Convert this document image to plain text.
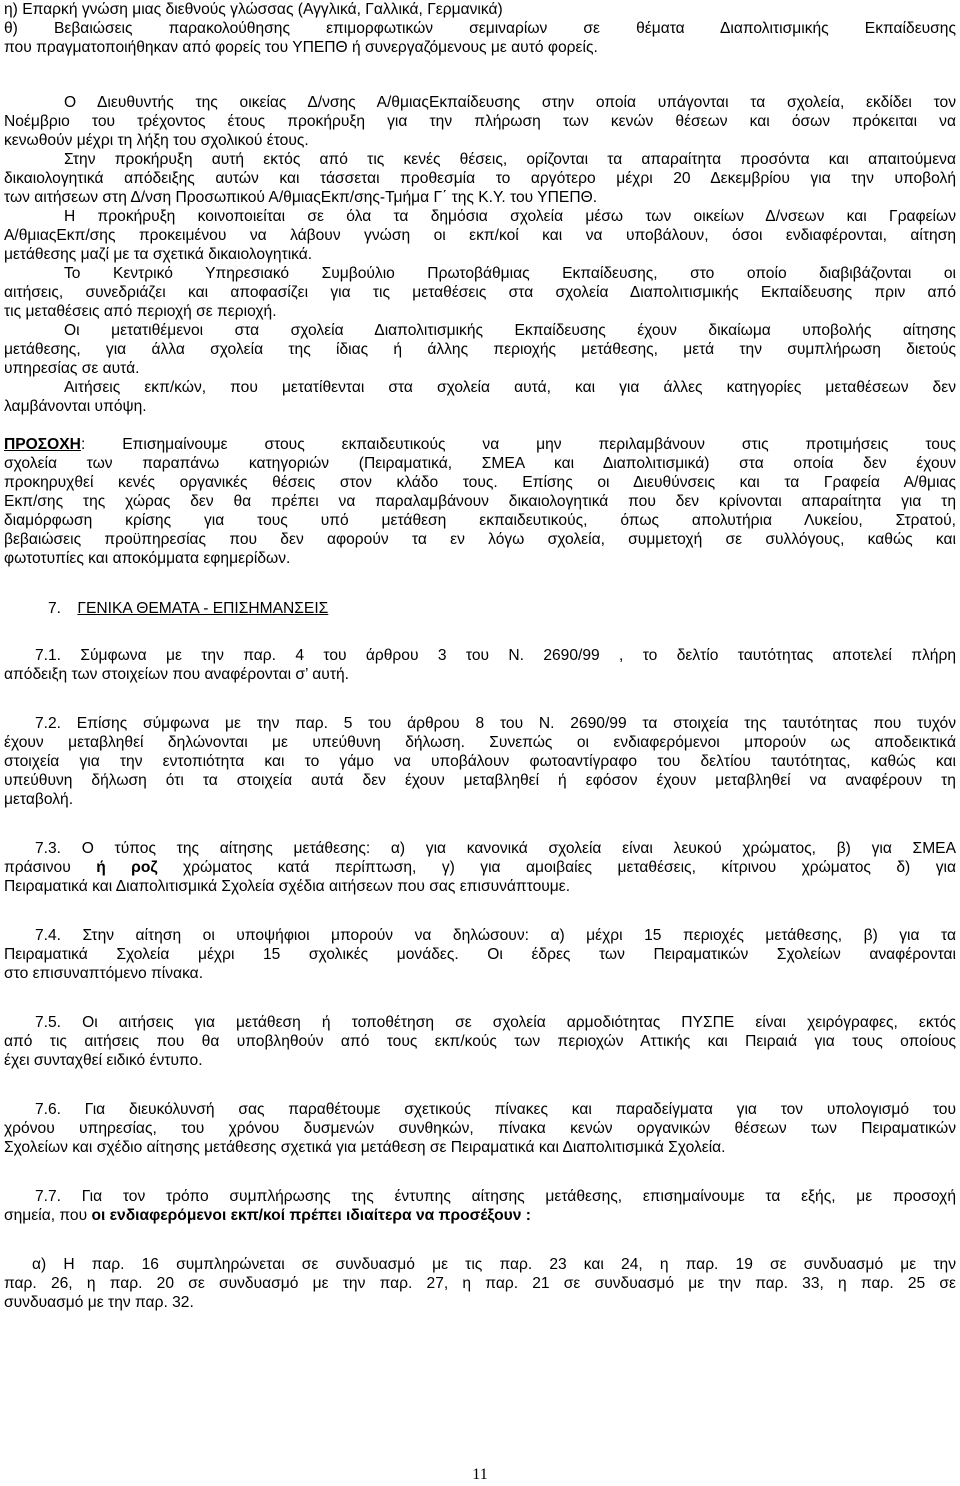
η) Επαρκή γνώση μιας διεθνούς γλώσσας (Αγγλικά, Γαλλικά, Γερμανικά)
θ) Βεβαιώσεις παρακολούθησης επιμορφωτικών σεμιναρίων σε θέματα Διαπολιτισμικής Εκπαίδευσης
που πραγματοποιήθηκαν από φορείς του ΥΠΕΠΘ ή συνεργαζόμενους με αυτό φορείς.
Ο Διευθυντής της οικείας Δ/νσης Α/θμιαςΕκπαίδευσης στην οποία υπάγονται τα σχολεία, εκδίδει τον
Νοέμβριο του τρέχοντος έτους προκήρυξη για την πλήρωση των κενών θέσεων και όσων πρόκειται να
κενωθούν μέχρι τη λήξη του σχολικού έτους.
Στην προκήρυξη αυτή εκτός από τις κενές θέσεις, ορίζονται τα απαραίτητα προσόντα και απαιτούμενα
δικαιολογητικά απόδειξης αυτών και τάσσεται προθεσμία το αργότερο μέχρι 20 Δεκεμβρίου για την υποβολή
των αιτήσεων στη Δ/νση Προσωπικού Α/θμιαςΕκπ/σης-Τμήμα Γ΄ της Κ.Υ. του ΥΠΕΠΘ.
Η προκήρυξη κοινοποιείται σε όλα τα δημόσια σχολεία μέσω των οικείων Δ/νσεων και Γραφείων
Α/θμιαςΕκπ/σης προκειμένου να λάβουν γνώση οι εκπ/κοί και να υποβάλουν, όσοι ενδιαφέρονται, αίτηση
μετάθεσης μαζί με τα σχετικά δικαιολογητικά.
Το Κεντρικό Υπηρεσιακό Συμβούλιο Πρωτοβάθμιας Εκπαίδευσης, στο οποίο διαβιβάζονται οι
αιτήσεις, συνεδριάζει και αποφασίζει για τις μεταθέσεις στα σχολεία Διαπολιτισμικής Εκπαίδευσης πριν από
τις μεταθέσεις από περιοχή σε περιοχή.
Οι μετατιθέμενοι στα σχολεία Διαπολιτισμικής Εκπαίδευσης έχουν δικαίωμα υποβολής αίτησης
μετάθεσης, για άλλα σχολεία της ίδιας ή άλλης περιοχής μετάθεσης, μετά την συμπλήρωση διετούς
υπηρεσίας σε αυτά.
Αιτήσεις εκπ/κών, που μετατίθενται στα σχολεία αυτά, και για άλλες κατηγορίες μεταθέσεων δεν
λαμβάνονται υπόψη.
ΠΡΟΣΟΧΗ: Επισημαίνουμε στους εκπαιδευτικούς να μην περιλαμβάνουν στις προτιμήσεις τους
σχολεία των παραπάνω κατηγοριών (Πειραματικά, ΣΜΕΑ και Διαπολιτισμικά) στα οποία δεν έχουν
προκηρυχθεί κενές οργανικές θέσεις στον κλάδο τους. Επίσης οι Διευθύνσεις και τα Γραφεία Α/θμιας
Εκπ/σης της χώρας δεν θα πρέπει να παραλαμβάνουν δικαιολογητικά που δεν κρίνονται απαραίτητα για τη
διαμόρφωση κρίσης για τους υπό μετάθεση εκπαιδευτικούς, όπως απολυτήρια Λυκείου, Στρατού,
βεβαιώσεις προϋπηρεσίας που δεν αφορούν τα εν λόγω σχολεία, συμμετοχή σε συλλόγους, καθώς και
φωτοτυπίες και αποκόμματα εφημερίδων.
7. ΓΕΝΙΚΑ ΘΕΜΑΤΑ - ΕΠΙΣΗΜΑΝΣΕΙΣ
7.1. Σύμφωνα με την παρ. 4 του άρθρου 3 του Ν. 2690/99 , το δελτίο ταυτότητας αποτελεί πλήρη
απόδειξη των στοιχείων που αναφέρονται σ’ αυτή.
7.2. Επίσης σύμφωνα με την παρ. 5 του άρθρου 8 του Ν. 2690/99 τα στοιχεία της ταυτότητας που τυχόν
έχουν μεταβληθεί δηλώνονται με υπεύθυνη δήλωση. Συνεπώς οι ενδιαφερόμενοι μπορούν ως αποδεικτικά
στοιχεία για την εντοπιότητα και το γάμο να υποβάλουν φωτοαντίγραφο του δελτίου ταυτότητας, καθώς και
υπεύθυνη δήλωση ότι τα στοιχεία αυτά δεν έχουν μεταβληθεί ή εφόσον έχουν μεταβληθεί να αναφέρουν τη
μεταβολή.
7.3. Ο τύπος της αίτησης μετάθεσης: α) για κανονικά σχολεία είναι λευκού χρώματος, β) για ΣΜΕΑ
πράσινου ή ροζ χρώματος κατά περίπτωση, γ) για αμοιβαίες μεταθέσεις, κίτρινου χρώματος δ) για
Πειραματικά και Διαπολιτισμικά Σχολεία σχέδια αιτήσεων που σας επισυνάπτουμε.
7.4. Στην αίτηση οι υποψήφιοι μπορούν να δηλώσουν: α) μέχρι 15 περιοχές μετάθεσης, β) για τα
Πειραματικά Σχολεία μέχρι 15 σχολικές μονάδες. Οι έδρες των Πειραματικών Σχολείων αναφέρονται
στο επισυναπτόμενο πίνακα.
7.5. Οι αιτήσεις για μετάθεση ή τοποθέτηση σε σχολεία αρμοδιότητας ΠΥΣΠΕ είναι χειρόγραφες, εκτός
από τις αιτήσεις που θα υποβληθούν από τους εκπ/κούς των περιοχών Αττικής και Πειραιά για τους οποίους
έχει συνταχθεί ειδικό έντυπο.
7.6. Για διευκόλυνσή σας παραθέτουμε σχετικούς πίνακες και παραδείγματα για τον υπολογισμό του
χρόνου υπηρεσίας, του χρόνου δυσμενών συνθηκών, πίνακα κενών οργανικών θέσεων των Πειραματικών
Σχολείων και σχέδιο αίτησης μετάθεσης σχετικά για μετάθεση σε Πειραματικά και Διαπολιτισμικά Σχολεία.
7.7. Για τον τρόπο συμπλήρωσης της έντυπης αίτησης μετάθεσης, επισημαίνουμε τα εξής, με προσοχή
σημεία, που οι ενδιαφερόμενοι εκπ/κοί πρέπει ιδιαίτερα να προσέξουν :
α) Η παρ. 16 συμπληρώνεται σε συνδυασμό με τις παρ. 23 και 24, η παρ. 19 σε συνδυασμό με την
παρ. 26, η παρ. 20 σε συνδυασμό με την παρ. 27, η παρ. 21 σε συνδυασμό με την παρ. 33, η παρ. 25 σε
συνδυασμό με την παρ. 32.
11
